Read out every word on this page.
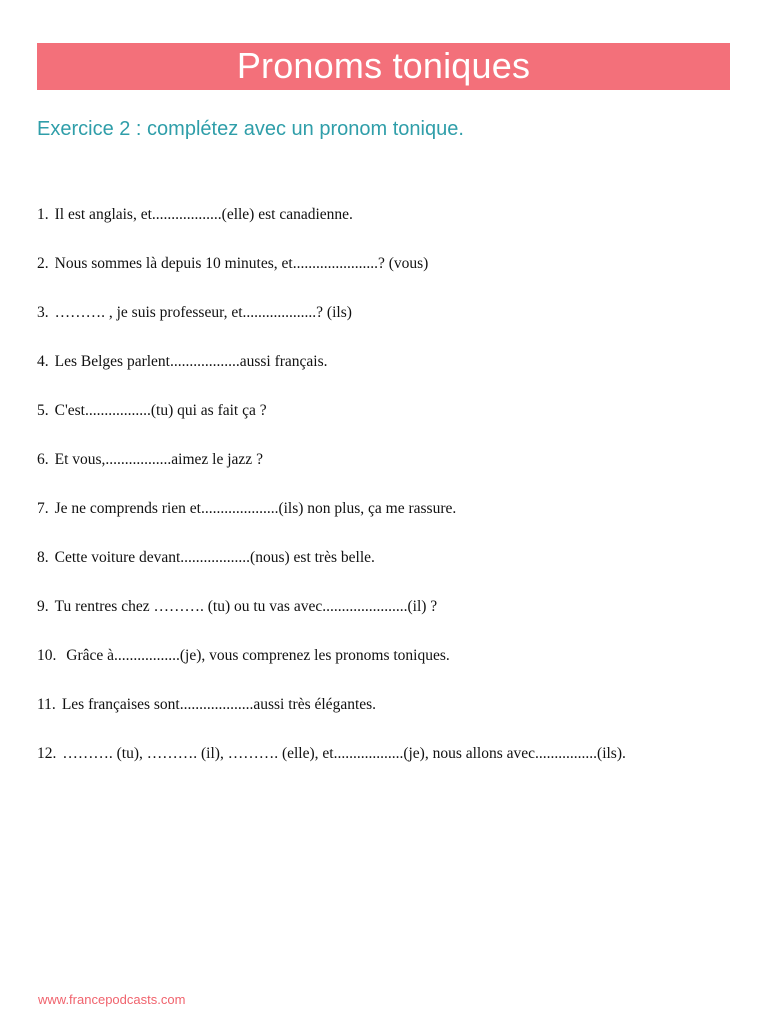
Pronoms toniques
Exercice 2 : complétez avec un pronom tonique.
1. Il est anglais, et..................(elle) est canadienne.
2. Nous sommes là depuis 10 minutes, et......................? (vous)
3. ………. , je suis professeur, et...................? (ils)
4. Les Belges parlent..................aussi français.
5. C'est.................(tu) qui as fait ça ?
6. Et vous,.................aimez le jazz ?
7. Je ne comprends rien et....................(ils) non plus, ça me rassure.
8. Cette voiture devant..................(nous) est très belle.
9. Tu rentres chez ………. (tu) ou tu vas avec......................(il) ?
10. Grâce à.................(je), vous comprenez les pronoms toniques.
11. Les françaises sont...................aussi très élégantes.
12. ………. (tu), ………. (il), ………. (elle), et..................(je), nous allons avec................(ils).
www.francepodcasts.com
